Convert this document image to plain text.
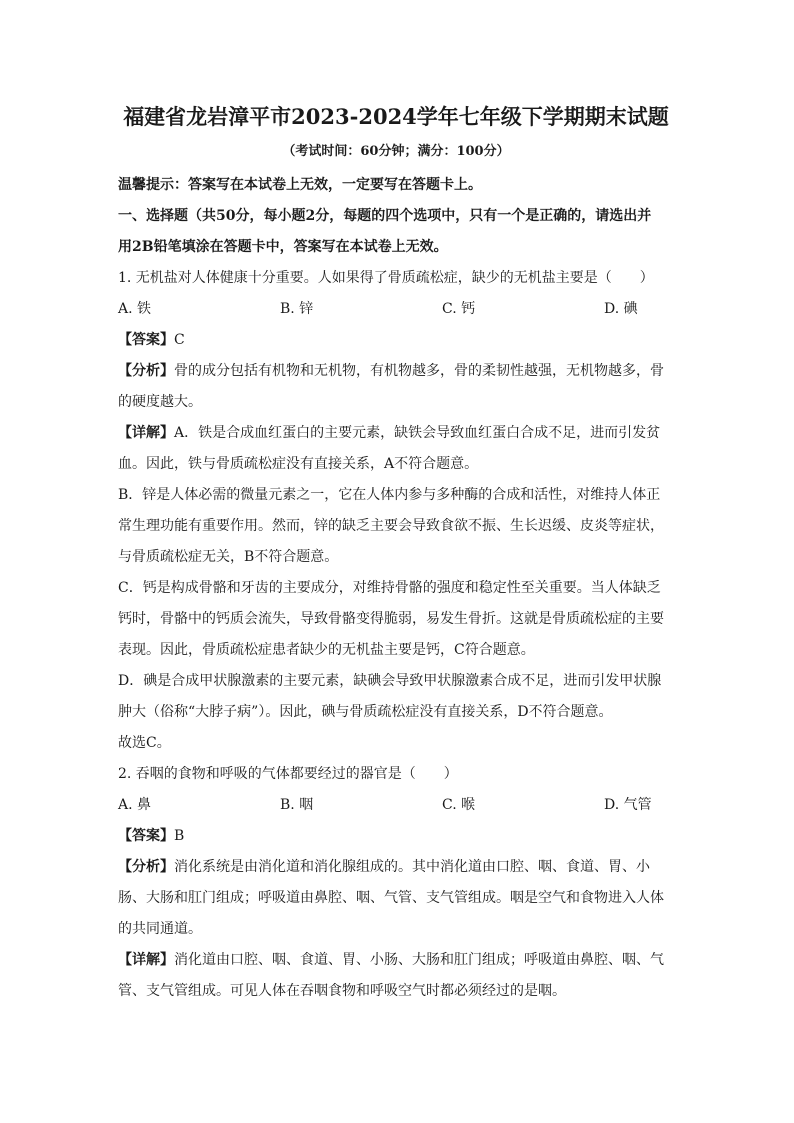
福建省龙岩漳平市2023-2024学年七年级下学期期末试题
（考试时间：60分钟；满分：100分）
温馨提示：答案写在本试卷上无效，一定要写在答题卡上。
一、选择题（共50分，每小题2分，每题的四个选项中，只有一个是正确的，请选出并
用2B铅笔填涂在答题卡中，答案写在本试卷上无效。
1. 无机盐对人体健康十分重要。人如果得了骨质疏松症，缺少的无机盐主要是（　　）
A. 铁	B. 锌	C. 钙	D. 碘
【答案】C
【分析】骨的成分包括有机物和无机物，有机物越多，骨的柔韧性越强，无机物越多，骨
的硬度越大。
【详解】A．铁是合成血红蛋白的主要元素，缺铁会导致血红蛋白合成不足，进而引发贫
血。因此，铁与骨质疏松症没有直接关系，A不符合题意。
B．锌是人体必需的微量元素之一，它在人体内参与多种酶的合成和活性，对维持人体正
常生理功能有重要作用。然而，锌的缺乏主要会导致食欲不振、生长迟缓、皮炎等症状，
与骨质疏松症无关，B不符合题意。
C．钙是构成骨骼和牙齿的主要成分，对维持骨骼的强度和稳定性至关重要。当人体缺乏
钙时，骨骼中的钙质会流失，导致骨骼变得脆弱，易发生骨折。这就是骨质疏松症的主要
表现。因此，骨质疏松症患者缺少的无机盐主要是钙，C符合题意。
D．碘是合成甲状腺激素的主要元素，缺碘会导致甲状腺激素合成不足，进而引发甲状腺
肿大（俗称“大脖子病”）。因此，碘与骨质疏松症没有直接关系，D不符合题意。
故选C。
2. 吞咽的食物和呼吸的气体都要经过的器官是（　　）
A. 鼻	B. 咽	C. 喉	D. 气管
【答案】B
【分析】消化系统是由消化道和消化腺组成的。其中消化道由口腔、咽、食道、胃、小
肠、大肠和肛门组成；呼吸道由鼻腔、咽、气管、支气管组成。咽是空气和食物进入人体
的共同通道。
【详解】消化道由口腔、咽、食道、胃、小肠、大肠和肛门组成；呼吸道由鼻腔、咽、气
管、支气管组成。可见人体在吞咽食物和呼吸空气时都必须经过的是咽。
